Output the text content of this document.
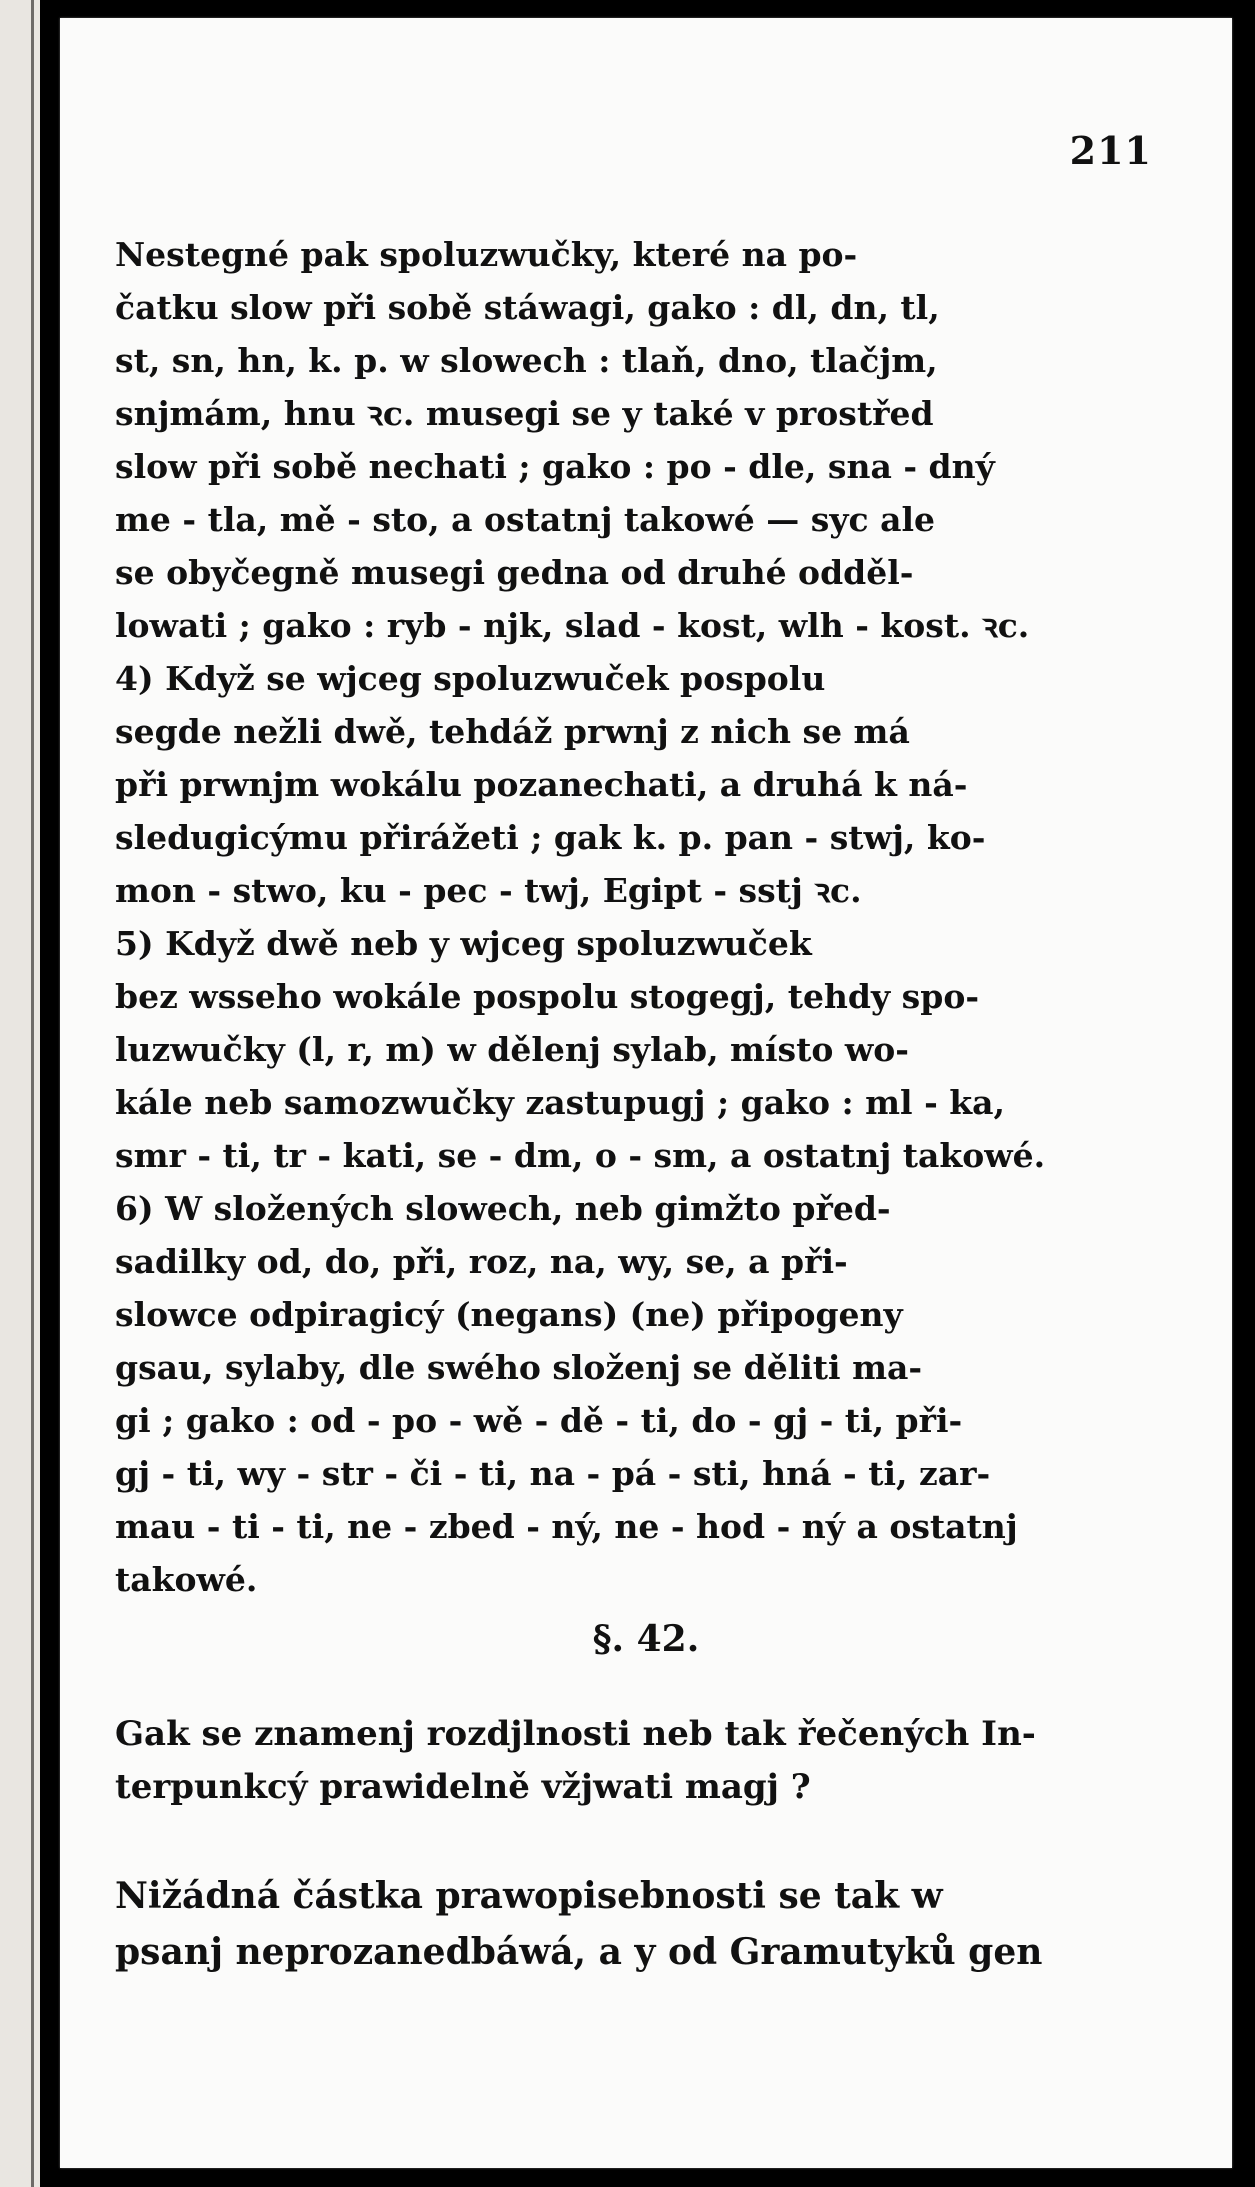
211
Nestegné pak spoluzwučky, které na po-
čatku slow při sobě stáwagi, gako : dl, dn, tl,
st, sn, hn, k. p. w slowech : tlaň, dno, tlačjm,
snjmám, hnu ꝛc. musegi se y také v prostřed
slow při sobě nechati ; gako : po - dle, sna - dný
me - tla, mě - sto, a ostatnj takowé — syc ale
se obyčegně musegi gedna od druhé odděl-
lowati ; gako : ryb - njk, slad - kost, wlh - kost. ꝛc.
4) Když se wjceg spoluzwuček pospolu
segde nežli dwě, tehdáž prwnj z nich se má
při prwnjm wokálu pozanechati, a druhá k ná-
sledugicýmu přirážeti ; gak k. p. pan - stwj, ko-
mon - stwo, ku - pec - twj, Egipt - sstj ꝛc.
5) Když dwě neb y wjceg spoluzwuček
bez wsseho wokále pospolu stogegj, tehdy spo-
luzwučky (l, r, m) w dělenj sylab, místo wo-
kále neb samozwučky zastupugj ; gako : ml - ka,
smr - ti, tr - kati, se - dm, o - sm, a ostatnj takowé.
6) W složených slowech, neb gimžto před-
sadilky od, do, při, roz, na, wy, se, a při-
slowce odpiragicý (negans) (ne) připogeny
gsau, sylaby, dle swého složenj se děliti ma-
gi ; gako : od - po - wě - dě - ti, do - gj - ti, při-
gj - ti, wy - str - či - ti, na - pá - sti, hná - ti, zar-
mau - ti - ti, ne - zbed - ný, ne - hod - ný a ostatnj
takowé.
§. 42.
Gak se znamenj rozdjlnosti neb tak řečených In-
terpunkcý prawidelně vžjwati magj ?
Nižádná částka prawopisebnosti se tak w
psanj neprozanedbáwá, a y od Gramutyků gen
